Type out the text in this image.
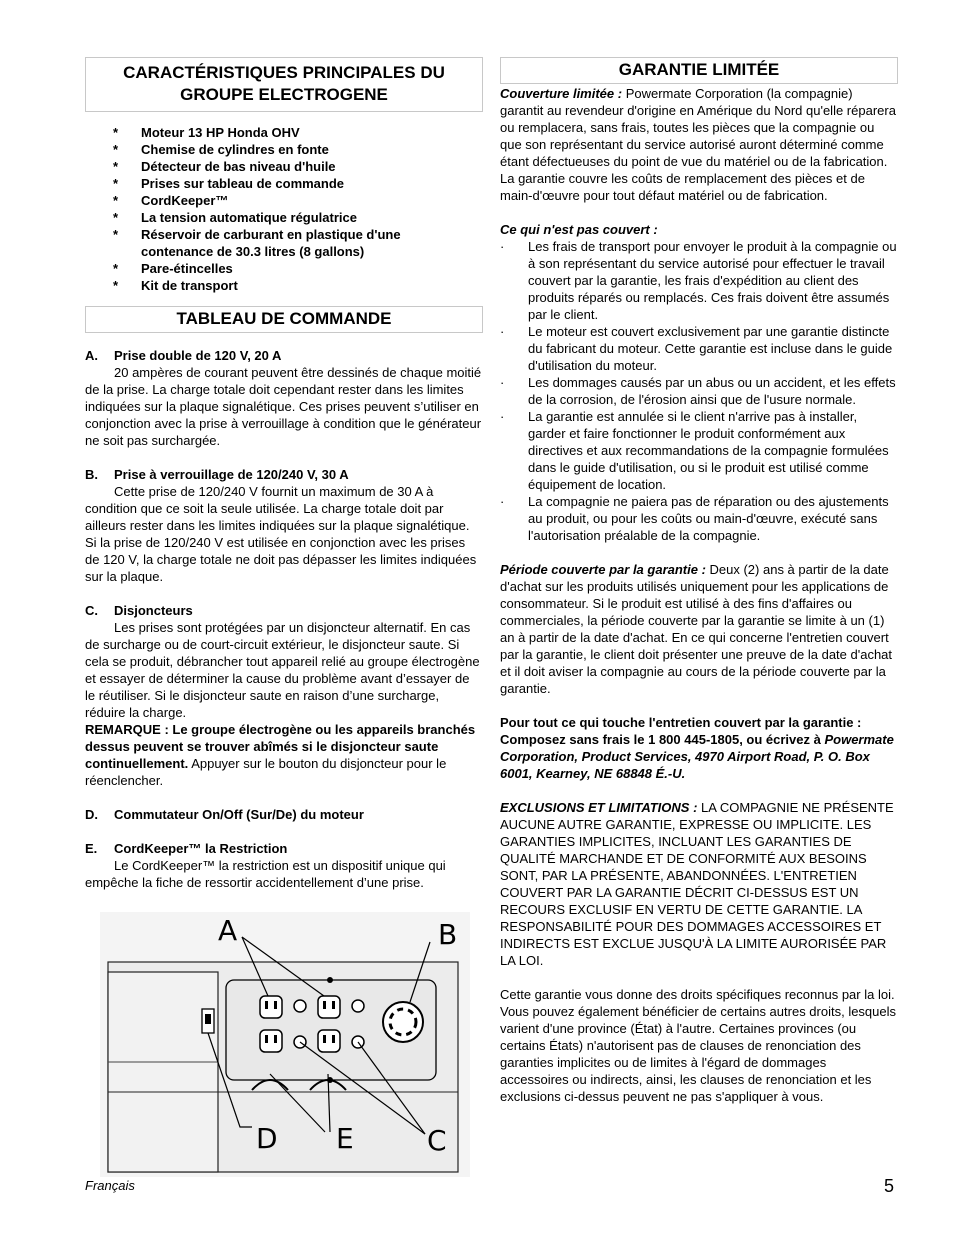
CARACTÉRISTIQUES PRINCIPALES DU
GROUPE ELECTROGENE
*	Moteur 13 HP Honda OHV
*	Chemise de cylindres en fonte
*	Détecteur de bas niveau d'huile
*	Prises sur tableau de commande
*	CordKeeper™
*	La tension automatique régulatrice
*	Réservoir de carburant en plastique d'une
contenance de 30.3 litres (8 gallons)
*	Pare-étincelles
*	Kit de transport
TABLEAU DE COMMANDE
A.	Prise double de 120 V, 20 A

20 ampères de courant peuvent être dessinés de chaque moitié de la prise. La charge totale doit cependant rester dans les limites indiquées sur la plaque signalétique. Ces prises peuvent s’utiliser en conjonction avec la prise à verrouillage à condition que le générateur ne soit pas surchargée.

B.	Prise à verrouillage de 120/240 V, 30 A

Cette prise de 120/240 V fournit un maximum de 30 A à condition que ce soit la seule utilisée. La charge totale doit par ailleurs rester dans les limites indiquées sur la plaque signalétique. Si la prise de 120/240 V est utilisée en conjonction avec les prises de 120 V, la charge totale ne doit pas dépasser les limites indiquées sur la plaque.

C.	Disjoncteurs

Les prises sont protégées par un disjoncteur alternatif. En cas de surcharge ou de court-circuit extérieur, le disjoncteur saute. Si cela se produit, débrancher tout appareil relié au groupe électrogène et essayer de déterminer la cause du problème avant d’essayer de le réutiliser. Si le disjoncteur saute en raison d’une surcharge, réduire la charge.

REMARQUE : Le groupe électrogène ou les appareils branchés dessus peuvent se trouver abîmés si le disjoncteur saute continuellement. Appuyer sur le bouton du disjoncteur pour le réenclencher.

D.	Commutateur On/Off (Sur/De) du moteur
E.	CordKeeper™ la Restriction

Le CordKeeper™ la restriction est un dispositif unique qui empêche la fiche de ressortir accidentellement d’une prise.

A	B
D E	C
GARANTIE LIMITÉE

Couverture limitée : Powermate Corporation (la compagnie) garantit au revendeur d'origine en Amérique du Nord qu'elle réparera ou remplacera, sans frais, toutes les pièces que la compagnie ou que son représentant du service autorisé auront déterminé comme étant défectueuses du point de vue du matériel ou de la fabrication. La garantie couvre les coûts de remplacement des pièces et de main-d'œuvre pour tout défaut matériel ou de fabrication.

Ce qui n'est pas couvert :

·	Les frais de transport pour envoyer le produit à la compagnie ou à son représentant du service autorisé pour effectuer le travail couvert par la garantie, les frais d'expédition au client des produits réparés ou remplacés. Ces frais doivent être assumés par le client.
·	Le moteur est couvert exclusivement par une garantie distincte du fabricant du moteur. Cette garantie est incluse dans le guide d'utilisation du moteur.
·	Les dommages causés par un abus ou un accident, et les effets de la corrosion, de l'érosion ainsi que de l'usure normale.
·	La garantie est annulée si le client n'arrive pas à installer, garder et faire fonctionner le produit conformément aux directives et aux recommandations de la compagnie formulées dans le guide d'utilisation, ou si le produit est utilisé comme équipement de location.
·	La compagnie ne paiera pas de réparation ou des ajustements au produit, ou pour les coûts ou main-d'œuvre, exécuté sans l'autorisation préalable de la compagnie.

Période couverte par la garantie : Deux (2) ans à partir de la date d'achat sur les produits utilisés uniquement pour les applications de consommateur. Si le produit est utilisé à des fins d'affaires ou commerciales, la période couverte par la garantie se limite à un (1) an à partir de la date d'achat. En ce qui concerne l'entretien couvert par la garantie, le client doit présenter une preuve de la date d'achat et il doit aviser la compagnie au cours de la période couverte par la garantie.

Pour tout ce qui touche l'entretien couvert par la garantie : Composez sans frais le 1 800 445-1805, ou écrivez à Powermate Corporation, Product Services, 4970 Airport Road, P. O. Box 6001, Kearney, NE 68848 É.-U.

EXCLUSIONS ET LIMITATIONS : LA COMPAGNIE NE PRÉSENTE AUCUNE AUTRE GARANTIE, EXPRESSE OU IMPLICITE. LES GARANTIES IMPLICITES, INCLUANT LES GARANTIES DE QUALITÉ MARCHANDE ET DE CONFORMITÉ AUX BESOINS SONT, PAR LA PRÉSENTE, ABANDONNÉES. L'ENTRETIEN COUVERT PAR LA GARANTIE DÉCRIT CI-DESSUS EST UN RECOURS EXCLUSIF EN VERTU DE CETTE GARANTIE. LA RESPONSABILITÉ POUR DES DOMMAGES ACCESSOIRES ET INDIRECTS EST EXCLUE JUSQU'À LA LIMITE AURORISÉE PAR LA LOI.

Cette garantie vous donne des droits spécifiques reconnus par la loi. Vous pouvez également bénéficier de certains autres droits, lesquels varient d'une province (État) à l'autre. Certaines provinces (ou certains États) n'autorisent pas de clauses de renonciation des garanties implicites ou de limites à l'égard de dommages accessoires ou indirects, ainsi, les clauses de renonciation et les exclusions ci-dessus peuvent ne pas s'appliquer à vous.

Français	5
